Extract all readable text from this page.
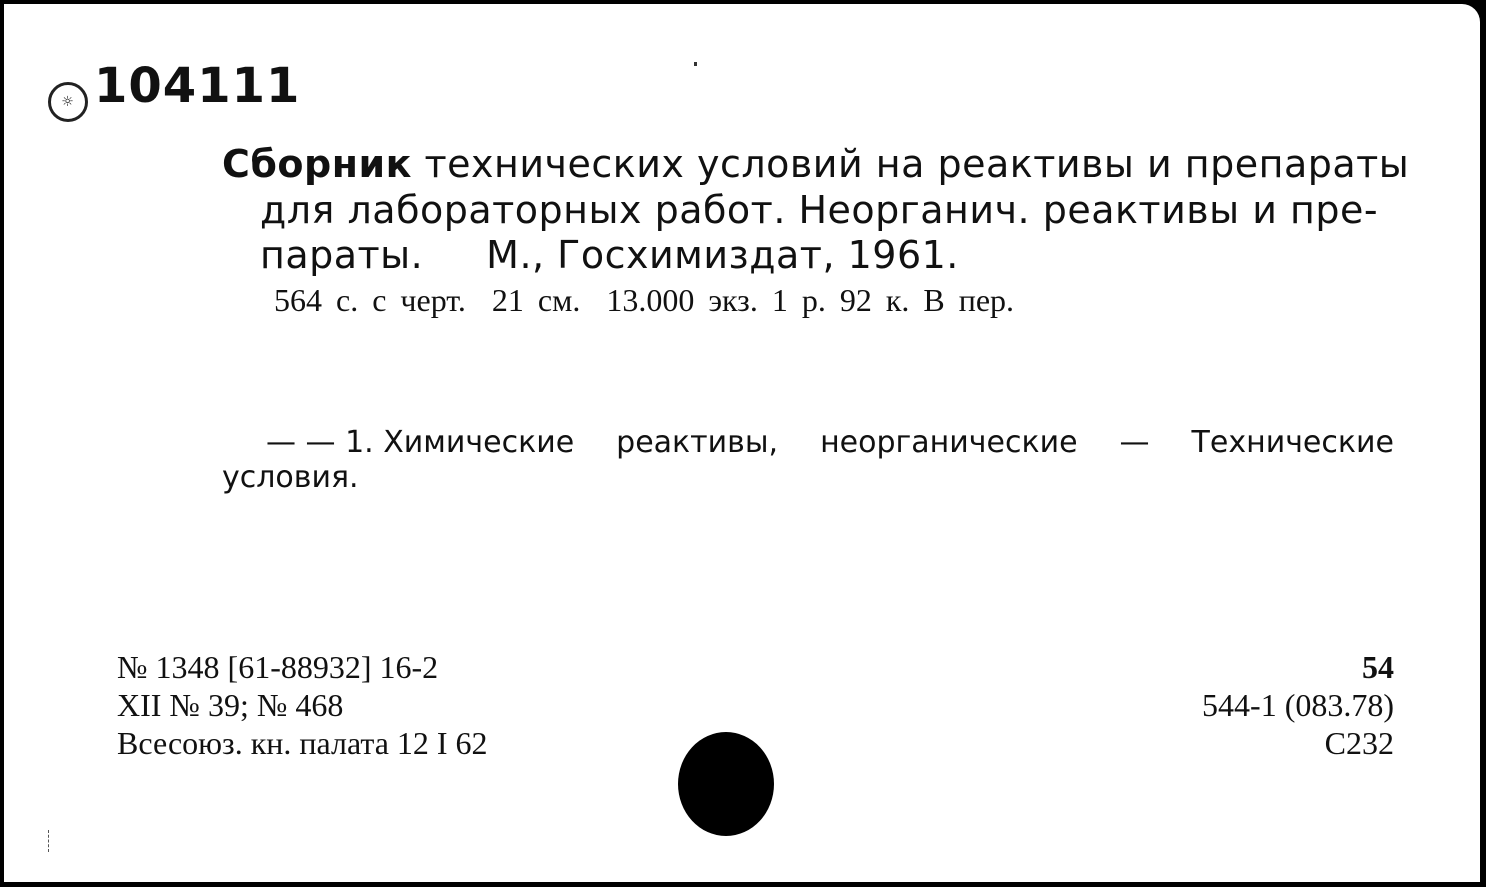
☼ 104111
Сборник технических условий на реактивы и препараты
для лабораторных работ. Неорганич. реактивы и пре-
параты.     М., Госхимиздат, 1961.
564 с. с черт. 21 см. 13.000 экз. 1 р. 92 к. В пер.
— — 1. Химические реактивы, неорганические — Технические
условия.
№ 1348 [61-88932] 16-2
XII № 39; № 468
Всесоюз. кн. палата 12 I 62
54
544-1 (083.78)
С232
